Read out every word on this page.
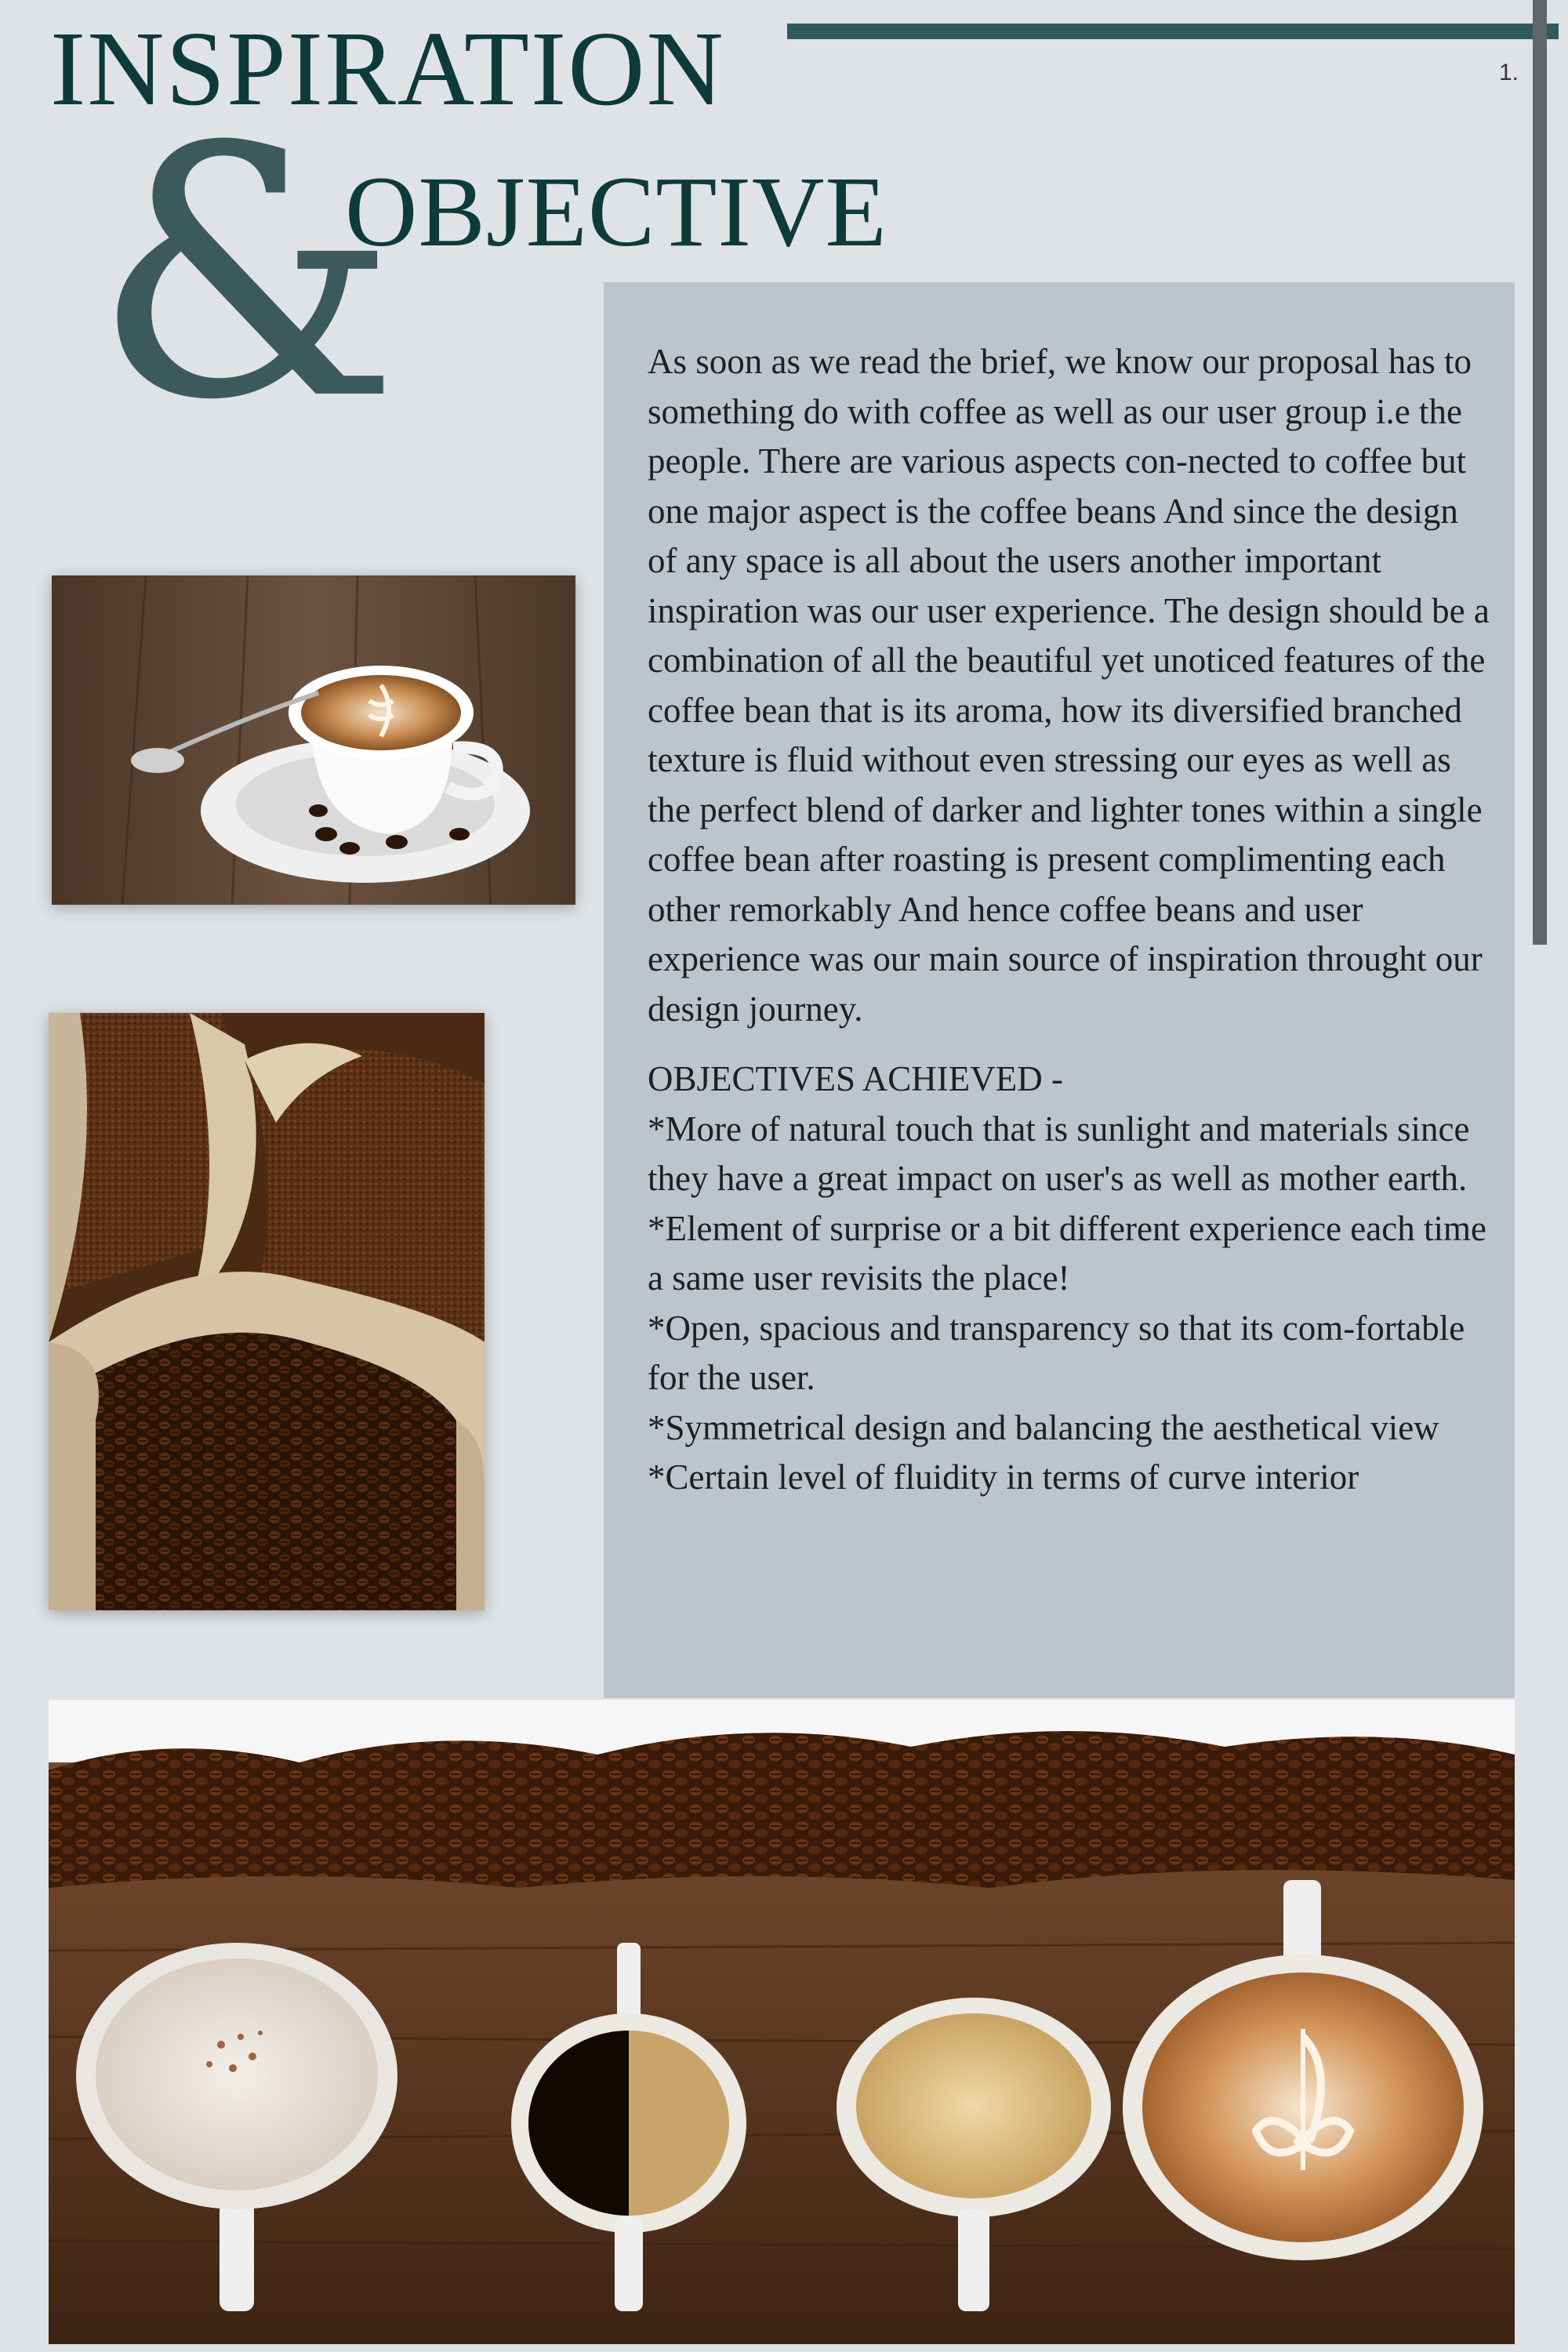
1.
INSPIRATION
&
OBJECTIVE

As soon as we read the brief, we know our proposal has to something do with coffee as well as our user group i.e the people. There are various aspects con-nected to coffee but one major aspect is the coffee beans And since the design of any space is all about the users another important inspiration was our user experience. The design should be a combination of all the beautiful yet unoticed features of the coffee bean that is its aroma, how its diversified branched texture is fluid without even stressing our eyes as well as the perfect blend of darker and lighter tones within a single coffee bean after roasting is present complimenting each other remorkably And hence coffee beans and user experience was our main source of inspiration throught our design journey.

OBJECTIVES ACHIEVED -
*More of natural touch that is sunlight and materials since they have a great impact on user's as well as mother earth.
*Element of surprise or a bit different experience each time a same user revisits the place!
*Open, spacious and transparency so that its com-fortable for the user.
*Symmetrical design and balancing the aesthetical view
*Certain level of fluidity in terms of curve interior
